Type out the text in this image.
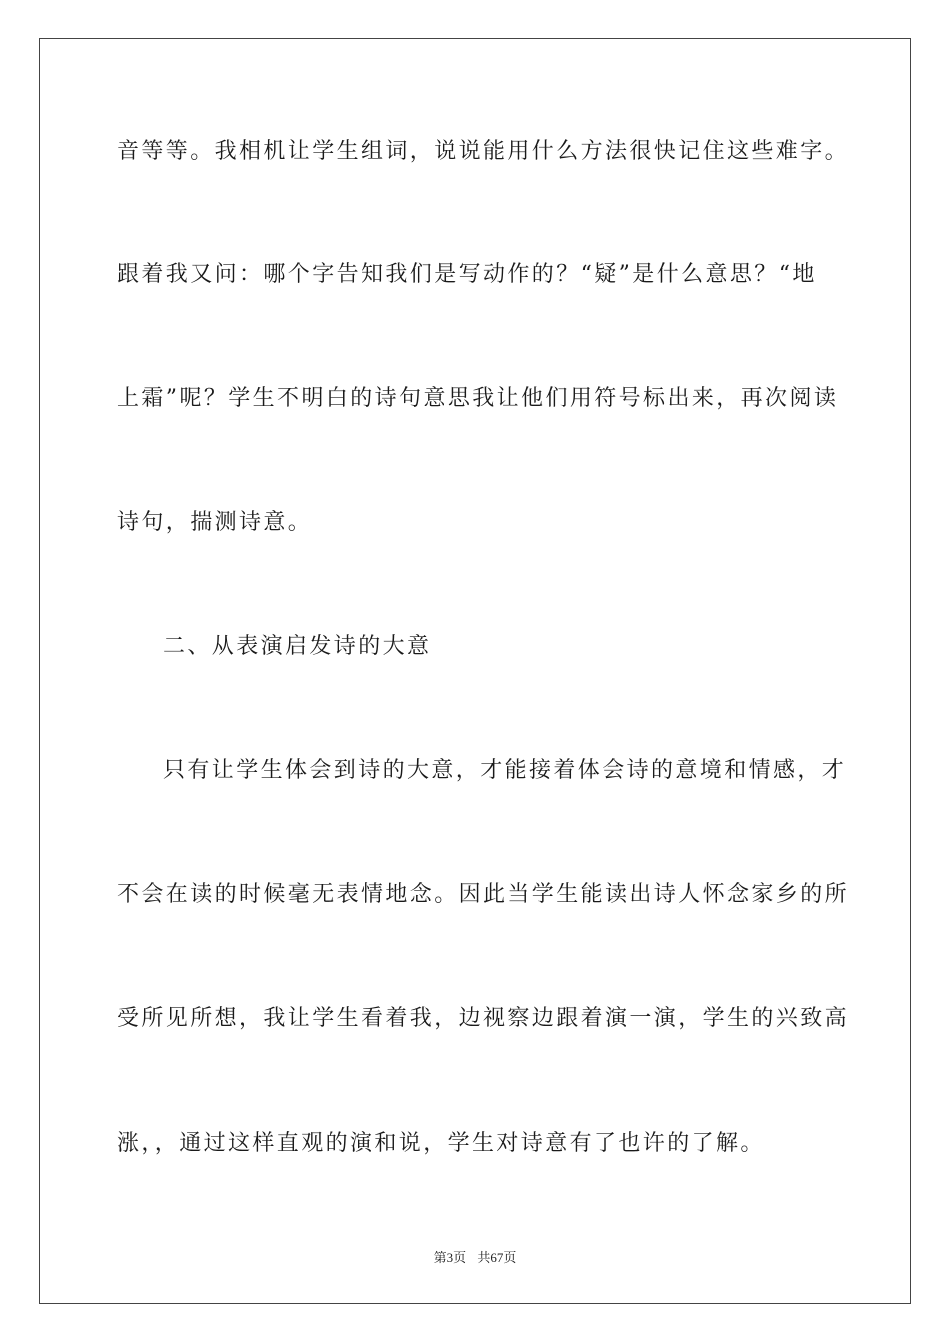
音等等。我相机让学生组词，说说能用什么方法很快记住这些难字。
跟着我又问：哪个字告知我们是写动作的？“疑”是什么意思？“地
上霜”呢？学生不明白的诗句意思我让他们用符号标出来，再次阅读
诗句，揣测诗意。
二、从表演启发诗的大意
只有让学生体会到诗的大意，才能接着体会诗的意境和情感，才
不会在读的时候毫无表情地念。因此当学生能读出诗人怀念家乡的所
受所见所想，我让学生看着我，边视察边跟着演一演，学生的兴致高
涨，，通过这样直观的演和说，学生对诗意有了也许的了解。
第3页 共67页
